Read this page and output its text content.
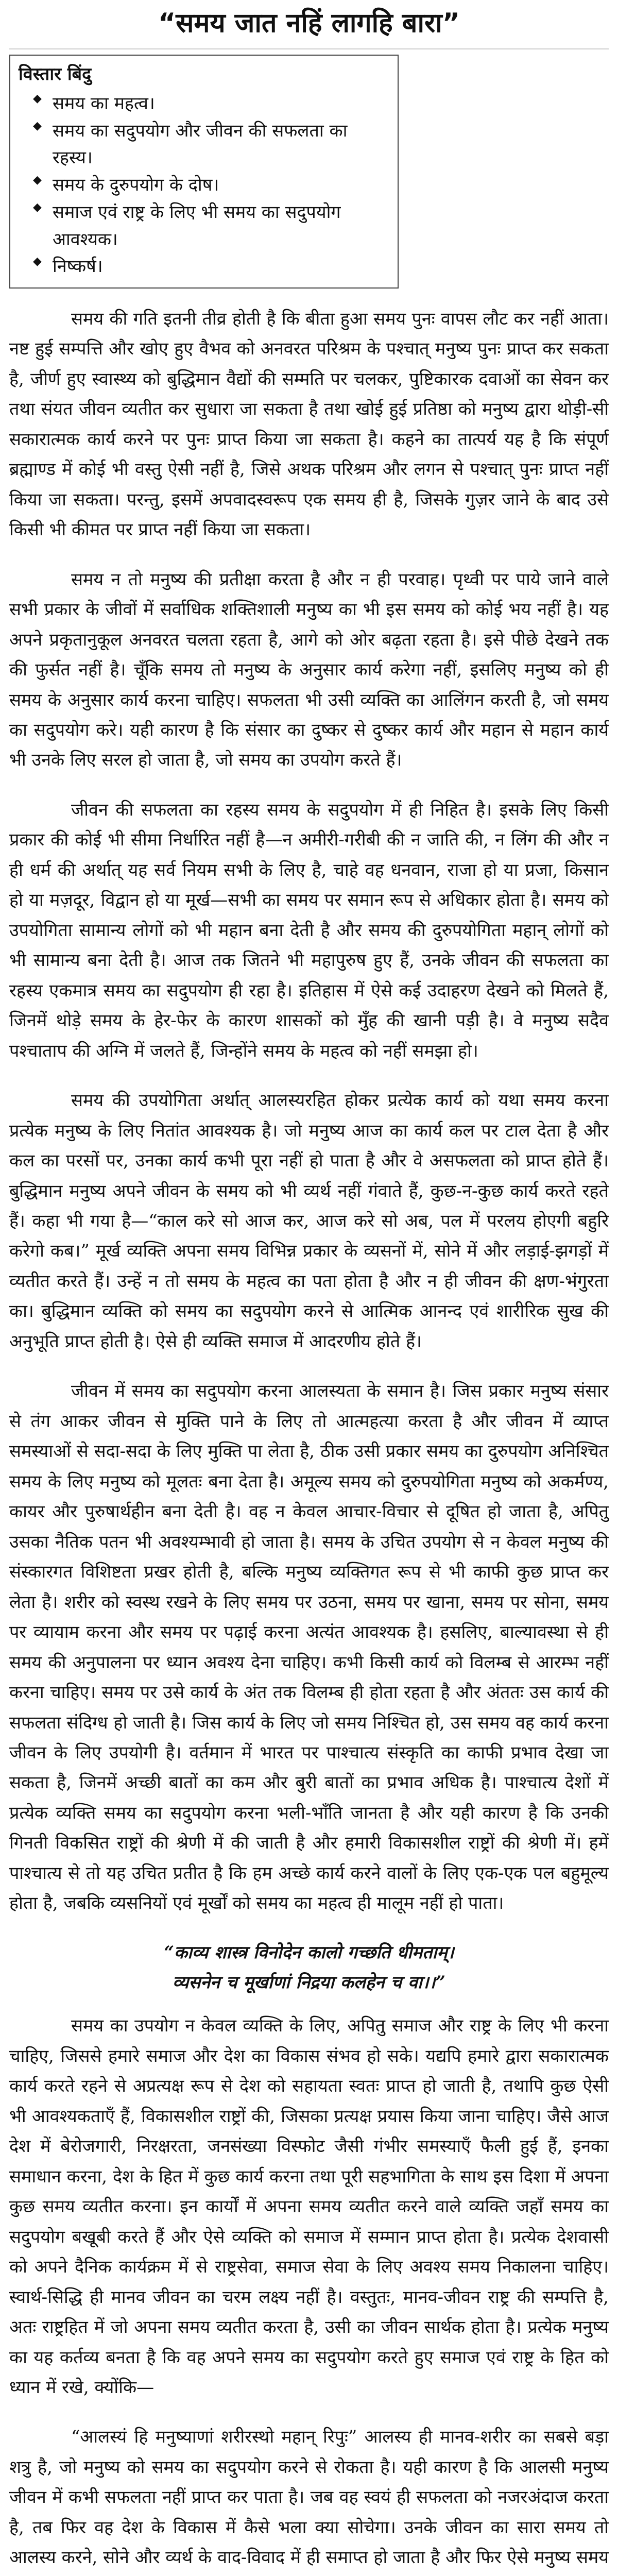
“समय जात नहिं लागहि बारा”
विस्तार बिंदु
◆ समय का महत्व।
◆ समय का सदुपयोग और जीवन की सफलता का रहस्य।
◆ समय के दुरुपयोग के दोष।
◆ समाज एवं राष्ट्र के लिए भी समय का सदुपयोग आवश्यक।
◆ निष्कर्ष।

समय की गति इतनी तीव्र होती है कि बीता हुआ समय पुनः वापस लौट कर नहीं आता। नष्ट हुई सम्पत्ति और खोए हुए वैभव को अनवरत परिश्रम के पश्चात् मनुष्य पुनः प्राप्त कर सकता है, जीर्ण हुए स्वास्थ्य को बुद्धिमान वैद्यों की सम्मति पर चलकर, पुष्टिकारक दवाओं का सेवन कर तथा संयत जीवन व्यतीत कर सुधारा जा सकता है तथा खोई हुई प्रतिष्ठा को मनुष्य द्वारा थोड़ी-सी सकारात्मक कार्य करने पर पुनः प्राप्त किया जा सकता है। कहने का तात्पर्य यह है कि संपूर्ण ब्रह्माण्ड में कोई भी वस्तु ऐसी नहीं है, जिसे अथक परिश्रम और लगन से पश्चात् पुनः प्राप्त नहीं किया जा सकता। परन्तु, इसमें अपवादस्वरूप एक समय ही है, जिसके गुज़र जाने के बाद उसे किसी भी कीमत पर प्राप्त नहीं किया जा सकता।

समय न तो मनुष्य की प्रतीक्षा करता है और न ही परवाह। पृथ्वी पर पाये जाने वाले सभी प्रकार के जीवों में सर्वाधिक शक्तिशाली मनुष्य का भी इस समय को कोई भय नहीं है। यह अपने प्रकृतानुकूल अनवरत चलता रहता है, आगे को ओर बढ़ता रहता है। इसे पीछे देखने तक की फुर्सत नहीं है। चूँकि समय तो मनुष्य के अनुसार कार्य करेगा नहीं, इसलिए मनुष्य को ही समय के अनुसार कार्य करना चाहिए। सफलता भी उसी व्यक्ति का आलिंगन करती है, जो समय का सदुपयोग करे। यही कारण है कि संसार का दुष्कर से दुष्कर कार्य और महान से महान कार्य भी उनके लिए सरल हो जाता है, जो समय का उपयोग करते हैं।

जीवन की सफलता का रहस्य समय के सदुपयोग में ही निहित है। इसके लिए किसी प्रकार की कोई भी सीमा निर्धारित नहीं है—न अमीरी-गरीबी की न जाति की, न लिंग की और न ही धर्म की अर्थात् यह सर्व नियम सभी के लिए है, चाहे वह धनवान, राजा हो या प्रजा, किसान हो या मज़दूर, विद्वान हो या मूर्ख—सभी का समय पर समान रूप से अधिकार होता है। समय को उपयोगिता सामान्य लोगों को भी महान बना देती है और समय की दुरुपयोगिता महान् लोगों को भी सामान्य बना देती है। आज तक जितने भी महापुरुष हुए हैं, उनके जीवन की सफलता का रहस्य एकमात्र समय का सदुपयोग ही रहा है। इतिहास में ऐसे कई उदाहरण देखने को मिलते हैं, जिनमें थोड़े समय के हेर-फेर के कारण शासकों को मुँह की खानी पड़ी है। वे मनुष्य सदैव पश्चाताप की अग्नि में जलते हैं, जिन्होंने समय के महत्व को नहीं समझा हो।

समय की उपयोगिता अर्थात् आलस्यरहित होकर प्रत्येक कार्य को यथा समय करना प्रत्येक मनुष्य के लिए नितांत आवश्यक है। जो मनुष्य आज का कार्य कल पर टाल देता है और कल का परसों पर, उनका कार्य कभी पूरा नहीं हो पाता है और वे असफलता को प्राप्त होते हैं। बुद्धिमान मनुष्य अपने जीवन के समय को भी व्यर्थ नहीं गंवाते हैं, कुछ-न-कुछ कार्य करते रहते हैं। कहा भी गया है—“काल करे सो आज कर, आज करे सो अब, पल में परलय होएगी बहुरि करेगो कब।” मूर्ख व्यक्ति अपना समय विभिन्न प्रकार के व्यसनों में, सोने में और लड़ाई-झगड़ों में व्यतीत करते हैं। उन्हें न तो समय के महत्व का पता होता है और न ही जीवन की क्षण-भंगुरता का। बुद्धिमान व्यक्ति को समय का सदुपयोग करने से आत्मिक आनन्द एवं शारीरिक सुख की अनुभूति प्राप्त होती है। ऐसे ही व्यक्ति समाज में आदरणीय होते हैं।

जीवन में समय का सदुपयोग करना आलस्यता के समान है। जिस प्रकार मनुष्य संसार से तंग आकर जीवन से मुक्ति पाने के लिए तो आत्महत्या करता है और जीवन में व्याप्त समस्याओं से सदा-सदा के लिए मुक्ति पा लेता है, ठीक उसी प्रकार समय का दुरुपयोग अनिश्चित समय के लिए मनुष्य को मूलतः बना देता है। अमूल्य समय को दुरुपयोगिता मनुष्य को अकर्मण्य, कायर और पुरुषार्थहीन बना देती है। वह न केवल आचार-विचार से दूषित हो जाता है, अपितु उसका नैतिक पतन भी अवश्यम्भावी हो जाता है। समय के उचित उपयोग से न केवल मनुष्य की संस्कारगत विशिष्टता प्रखर होती है, बल्कि मनुष्य व्यक्तिगत रूप से भी काफी कुछ प्राप्त कर लेता है। शरीर को स्वस्थ रखने के लिए समय पर उठना, समय पर खाना, समय पर सोना, समय पर व्यायाम करना और समय पर पढ़ाई करना अत्यंत आवश्यक है। हसलिए, बाल्यावस्था से ही समय की अनुपालना पर ध्यान अवश्य देना चाहिए। कभी किसी कार्य को विलम्ब से आरम्भ नहीं करना चाहिए। समय पर उसे कार्य के अंत तक विलम्ब ही होता रहता है और अंततः उस कार्य की सफलता संदिग्ध हो जाती है। जिस कार्य के लिए जो समय निश्चित हो, उस समय वह कार्य करना जीवन के लिए उपयोगी है। वर्तमान में भारत पर पाश्चात्य संस्कृति का काफी प्रभाव देखा जा सकता है, जिनमें अच्छी बातों का कम और बुरी बातों का प्रभाव अधिक है। पाश्चात्य देशों में प्रत्येक व्यक्ति समय का सदुपयोग करना भली-भाँति जानता है और यही कारण है कि उनकी गिनती विकसित राष्ट्रों की श्रेणी में की जाती है और हमारी विकासशील राष्ट्रों की श्रेणी में। हमें पाश्चात्य से तो यह उचित प्रतीत है कि हम अच्छे कार्य करने वालों के लिए एक-एक पल बहुमूल्य होता है, जबकि व्यसनियों एवं मूर्खों को समय का महत्व ही मालूम नहीं हो पाता।

“काव्य शास्त्र विनोदेन कालो गच्छति धीमताम्।
व्यसनेन च मूर्खाणां निद्रया कलहेन च वा।।”

समय का उपयोग न केवल व्यक्ति के लिए, अपितु समाज और राष्ट्र के लिए भी करना चाहिए, जिससे हमारे समाज और देश का विकास संभव हो सके। यद्यपि हमारे द्वारा सकारात्मक कार्य करते रहने से अप्रत्यक्ष रूप से देश को सहायता स्वतः प्राप्त हो जाती है, तथापि कुछ ऐसी भी आवश्यकताएँ हैं, विकासशील राष्ट्रों की, जिसका प्रत्यक्ष प्रयास किया जाना चाहिए। जैसे आज देश में बेरोजगारी, निरक्षरता, जनसंख्या विस्फोट जैसी गंभीर समस्याएँ फैली हुई हैं, इनका समाधान करना, देश के हित में कुछ कार्य करना तथा पूरी सहभागिता के साथ इस दिशा में अपना कुछ समय व्यतीत करना। इन कार्यों में अपना समय व्यतीत करने वाले व्यक्ति जहाँ समय का सदुपयोग बखूबी करते हैं और ऐसे व्यक्ति को समाज में सम्मान प्राप्त होता है। प्रत्येक देशवासी को अपने दैनिक कार्यक्रम में से राष्ट्रसेवा, समाज सेवा के लिए अवश्य समय निकालना चाहिए। स्वार्थ-सिद्धि ही मानव जीवन का चरम लक्ष्य नहीं है। वस्तुतः, मानव-जीवन राष्ट्र की सम्पत्ति है, अतः राष्ट्रहित में जो अपना समय व्यतीत करता है, उसी का जीवन सार्थक होता है। प्रत्येक मनुष्य का यह कर्तव्य बनता है कि वह अपने समय का सदुपयोग करते हुए समाज एवं राष्ट्र के हित को ध्यान में रखे, क्योंकि—

“आलस्यं हि मनुष्याणां शरीरस्थो महान् रिपुः” आलस्य ही मानव-शरीर का सबसे बड़ा शत्रु है, जो मनुष्य को समय का सदुपयोग करने से रोकता है। यही कारण है कि आलसी मनुष्य जीवन में कभी सफलता नहीं प्राप्त कर पाता है। जब वह स्वयं ही सफलता को नजरअंदाज करता है, तब फिर वह देश के विकास में कैसे भला क्या सोचेगा। उनके जीवन का सारा समय तो आलस्य करने, सोने और व्यर्थ के वाद-विवाद में ही समाप्त हो जाता है और फिर ऐसे मनुष्य समय
